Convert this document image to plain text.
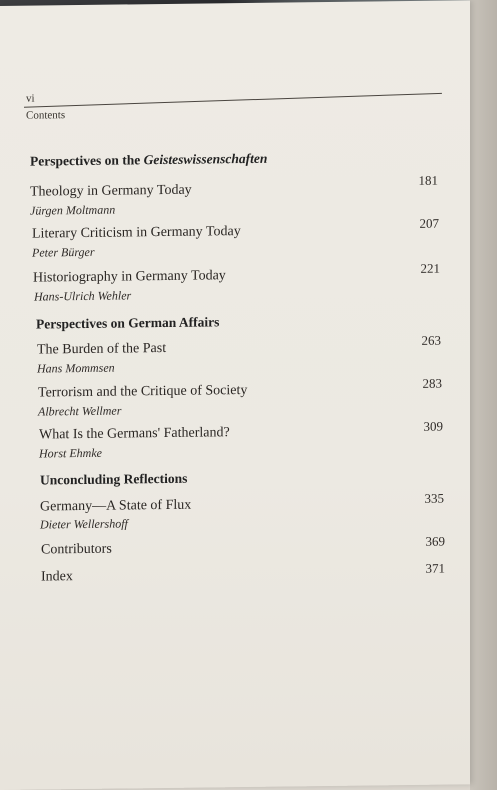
vi
Contents
Perspectives on the Geisteswissenschaften
Theology in Germany Today
Jürgen Moltmann
181
Literary Criticism in Germany Today
Peter Bürger
207
Historiography in Germany Today
Hans-Ulrich Wehler
221
Perspectives on German Affairs
The Burden of the Past
Hans Mommsen
263
Terrorism and the Critique of Society
Albrecht Wellmer
283
What Is the Germans' Fatherland?
Horst Ehmke
309
Unconcluding Reflections
Germany—A State of Flux
Dieter Wellershoff
335
Contributors
369
Index
371
